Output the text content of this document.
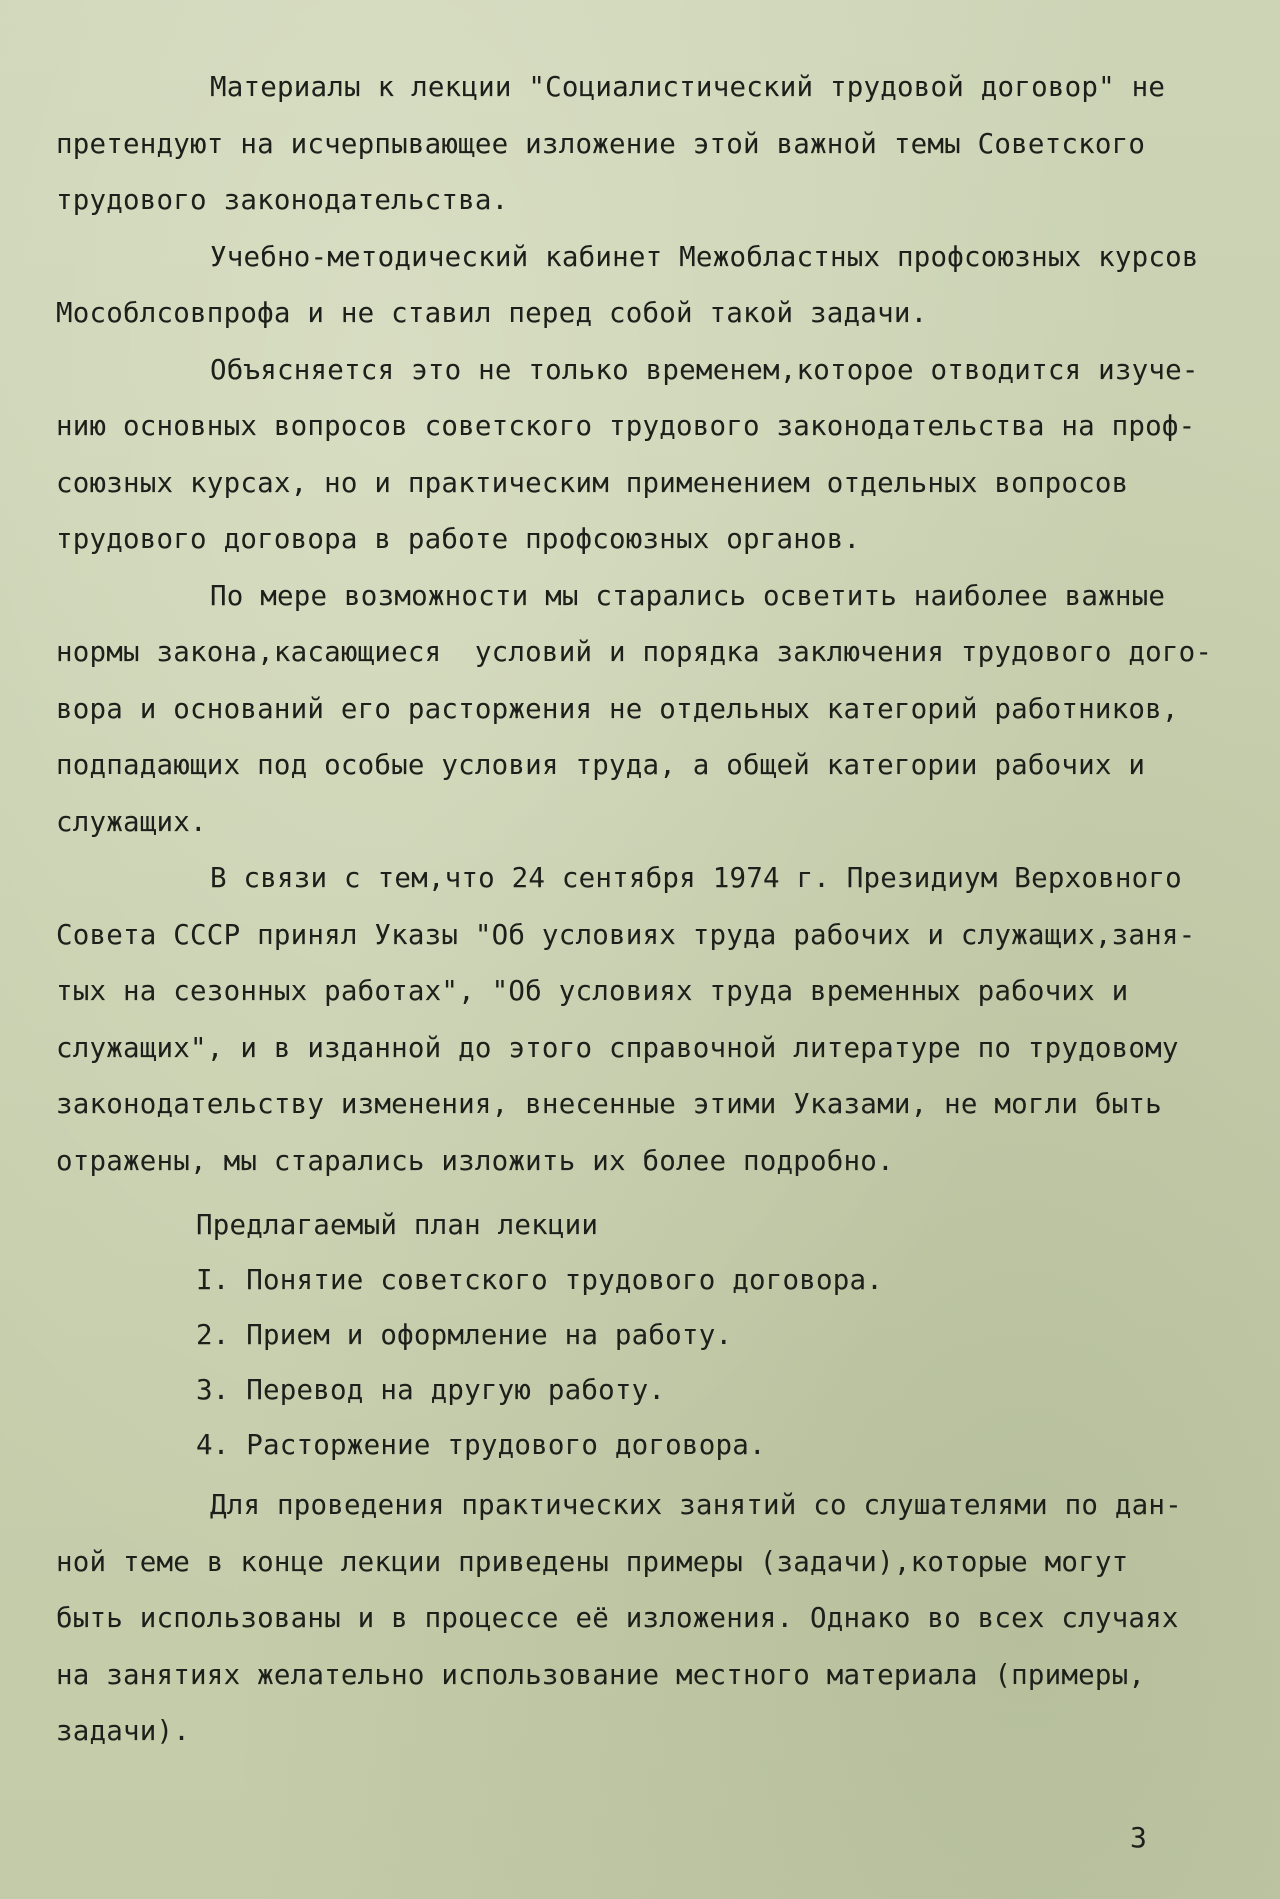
Материалы к лекции "Социалистический трудовой договор" не
претендуют на исчерпывающее изложение этой важной темы Советского
трудового законодательства.
Учебно-методический кабинет Межобластных профсоюзных курсов
Мособлсовпрофа и не ставил перед собой такой задачи.
Объясняется это не только временем,которое отводится изуче-
нию основных вопросов советского трудового законодательства на проф-
союзных курсах, но и практическим применением отдельных вопросов
трудового договора в работе профсоюзных органов.
По мере возможности мы старались осветить наиболее важные
нормы закона,касающиеся  условий и порядка заключения трудового дого-
вора и оснований его расторжения не отдельных категорий работников,
подпадающих под особые условия труда, а общей категории рабочих и
служащих.
В связи с тем,что 24 сентября 1974 г. Президиум Верховного
Совета СССР принял Указы "Об условиях труда рабочих и служащих,заня-
тых на сезонных работах", "Об условиях труда временных рабочих и
служащих", и в изданной до этого справочной литературе по трудовому
законодательству изменения, внесенные этими Указами, не могли быть
отражены, мы старались изложить их более подробно.
Предлагаемый план лекции
I. Понятие советского трудового договора.
2. Прием и оформление на работу.
3. Перевод на другую работу.
4. Расторжение трудового договора.
Для проведения практических занятий со слушателями по дан-
ной теме в конце лекции приведены примеры (задачи),которые могут
быть использованы и в процессе её изложения. Однако во всех случаях
на занятиях желательно использование местного материала (примеры,
задачи).
3
